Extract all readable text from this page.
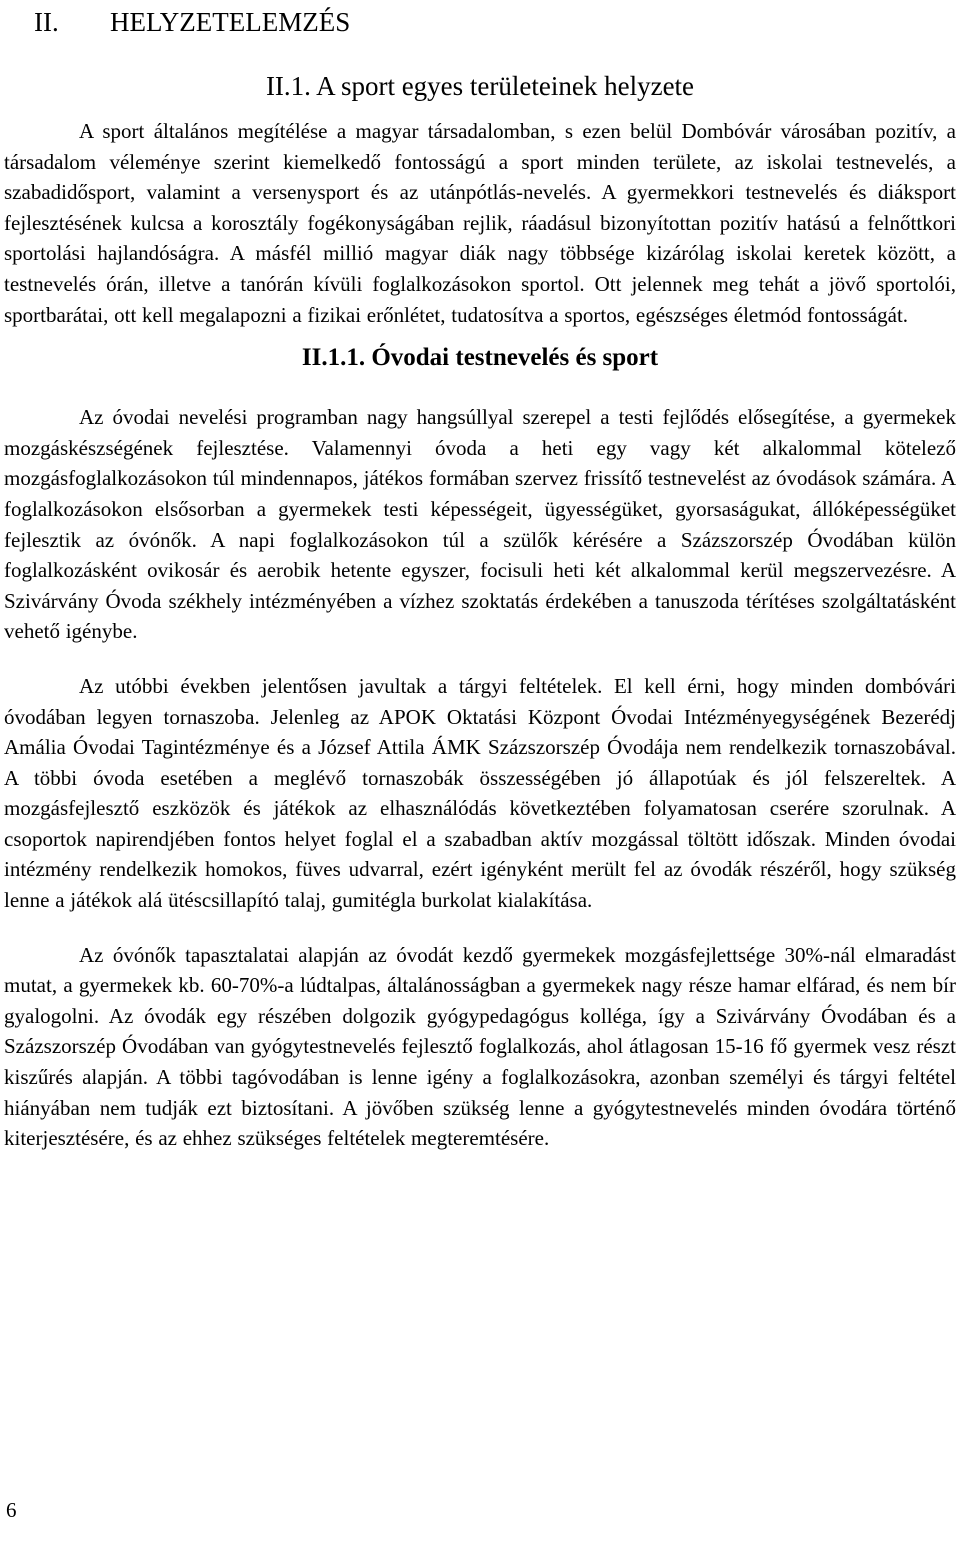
II. HELYZETELEMZÉS
II.1. A sport egyes területeinek helyzete

A sport általános megítélése a magyar társadalomban, s ezen belül Dombóvár városában pozitív, a társadalom véleménye szerint kiemelkedő fontosságú a sport minden területe, az iskolai testnevelés, a szabadidősport, valamint a versenysport és az utánpótlás-nevelés. A gyermekkori testnevelés és diáksport fejlesztésének kulcsa a korosztály fogékonyságában rejlik, ráadásul bizonyítottan pozitív hatású a felnőttkori sportolási hajlandóságra. A másfél millió magyar diák nagy többsége kizárólag iskolai keretek között, a testnevelés órán, illetve a tanórán kívüli foglalkozásokon sportol. Ott jelennek meg tehát a jövő sportolói, sportbarátai, ott kell megalapozni a fizikai erőnlétet, tudatosítva a sportos, egészséges életmód fontosságát.

II.1.1. Óvodai testnevelés és sport

Az óvodai nevelési programban nagy hangsúllyal szerepel a testi fejlődés elősegítése, a gyermekek mozgáskészségének fejlesztése. Valamennyi óvoda a heti egy vagy két alkalommal kötelező mozgásfoglalkozásokon túl mindennapos, játékos formában szervez frissítő testnevelést az óvodások számára. A foglalkozásokon elsősorban a gyermekek testi képességeit, ügyességüket, gyorsaságukat, állóképességüket fejlesztik az óvónők. A napi foglalkozásokon túl a szülők kérésére a Százszorszép Óvodában külön foglalkozásként ovikosár és aerobik hetente egyszer, focisuli heti két alkalommal kerül megszervezésre. A Szivárvány Óvoda székhely intézményében a vízhez szoktatás érdekében a tanuszoda térítéses szolgáltatásként vehető igénybe.

Az utóbbi években jelentősen javultak a tárgyi feltételek. El kell érni, hogy minden dombóvári óvodában legyen tornaszoba. Jelenleg az APOK Oktatási Központ Óvodai Intézményegységének Bezerédj Amália Óvodai Tagintézménye és a József Attila ÁMK Százszorszép Óvodája nem rendelkezik tornaszobával. A többi óvoda esetében a meglévő tornaszobák összességében jó állapotúak és jól felszereltek. A mozgásfejlesztő eszközök és játékok az elhasználódás következtében folyamatosan cserére szorulnak. A csoportok napirendjében fontos helyet foglal el a szabadban aktív mozgással töltött időszak. Minden óvodai intézmény rendelkezik homokos, füves udvarral, ezért igényként merült fel az óvodák részéről, hogy szükség lenne a játékok alá ütéscsillapító talaj, gumitégla burkolat kialakítása.

Az óvónők tapasztalatai alapján az óvodát kezdő gyermekek mozgásfejlettsége 30%-nál elmaradást mutat, a gyermekek kb. 60-70%-a lúdtalpas, általánosságban a gyermekek nagy része hamar elfárad, és nem bír gyalogolni. Az óvodák egy részében dolgozik gyógypedagógus kolléga, így a Szivárvány Óvodában és a Százszorszép Óvodában van gyógytestnevelés fejlesztő foglalkozás, ahol átlagosan 15-16 fő gyermek vesz részt kiszűrés alapján. A többi tagóvodában is lenne igény a foglalkozásokra, azonban személyi és tárgyi feltétel hiányában nem tudják ezt biztosítani. A jövőben szükség lenne a gyógytestnevelés minden óvodára történő kiterjesztésére, és az ehhez szükséges feltételek megteremtésére.

6
